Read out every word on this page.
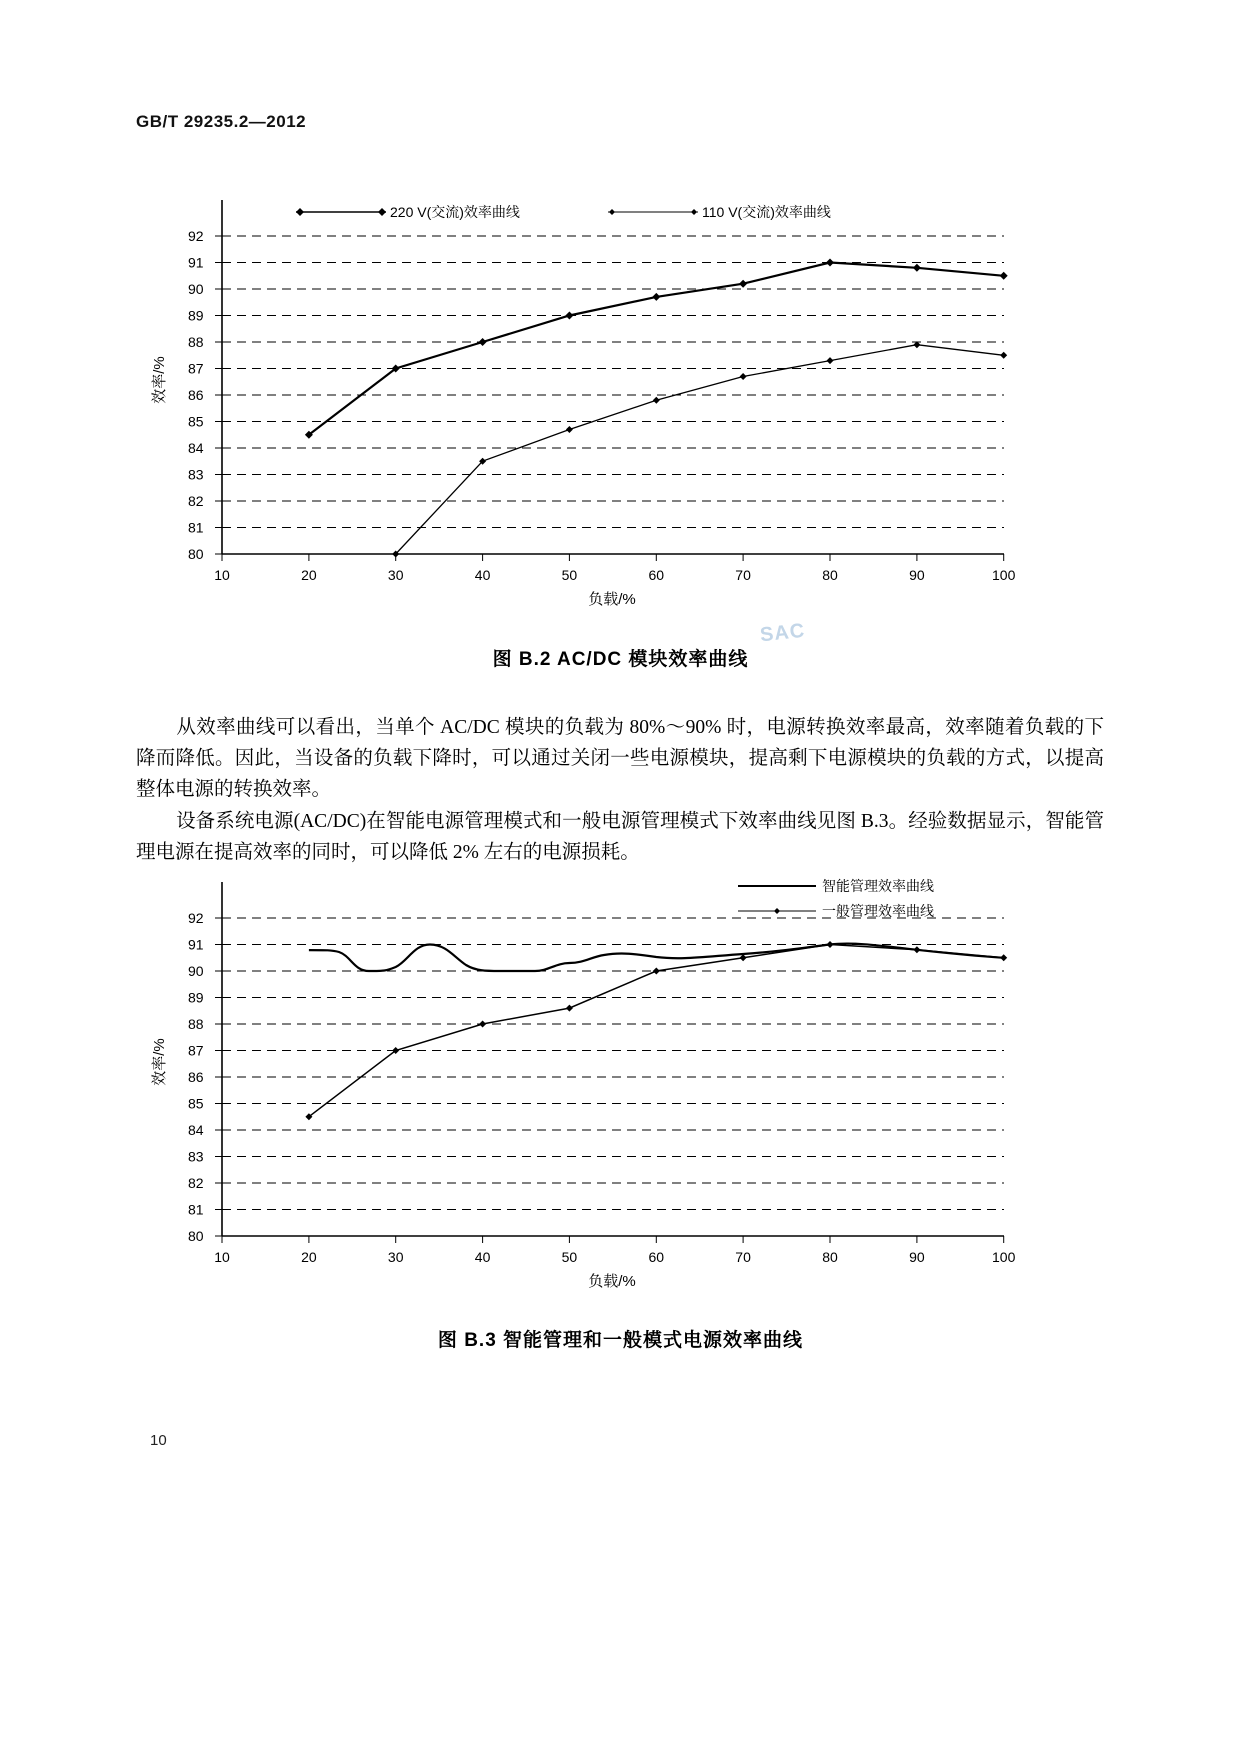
GB/T 29235.2—2012
220 V(交流)效率曲线	110 V(交流)效率曲线
92
91
90
89
88
87
86
85
84
83
82
81
80
10	20	30	40	50	60	70	80	90	100
负载/%
效率/%
SAC
图 B.2 AC/DC 模块效率曲线

从效率曲线可以看出，当单个 AC/DC 模块的负载为 80%～90% 时，电源转换效率最高，效率随着负载的下降而降低。因此，当设备的负载下降时，可以通过关闭一些电源模块，提高剩下电源模块的负载的方式，以提高整体电源的转换效率。

设备系统电源(AC/DC)在智能电源管理模式和一般电源管理模式下效率曲线见图 B.3。经验数据显示，智能管理电源在提高效率的同时，可以降低 2% 左右的电源损耗。

智能管理效率曲线
一般管理效率曲线
92
91
90
89
88
87
86
85
84
83
82
81
80
10	20	30	40	50	60	70	80	90	100
负载/%
效率/%
图 B.3 智能管理和一般模式电源效率曲线
10
